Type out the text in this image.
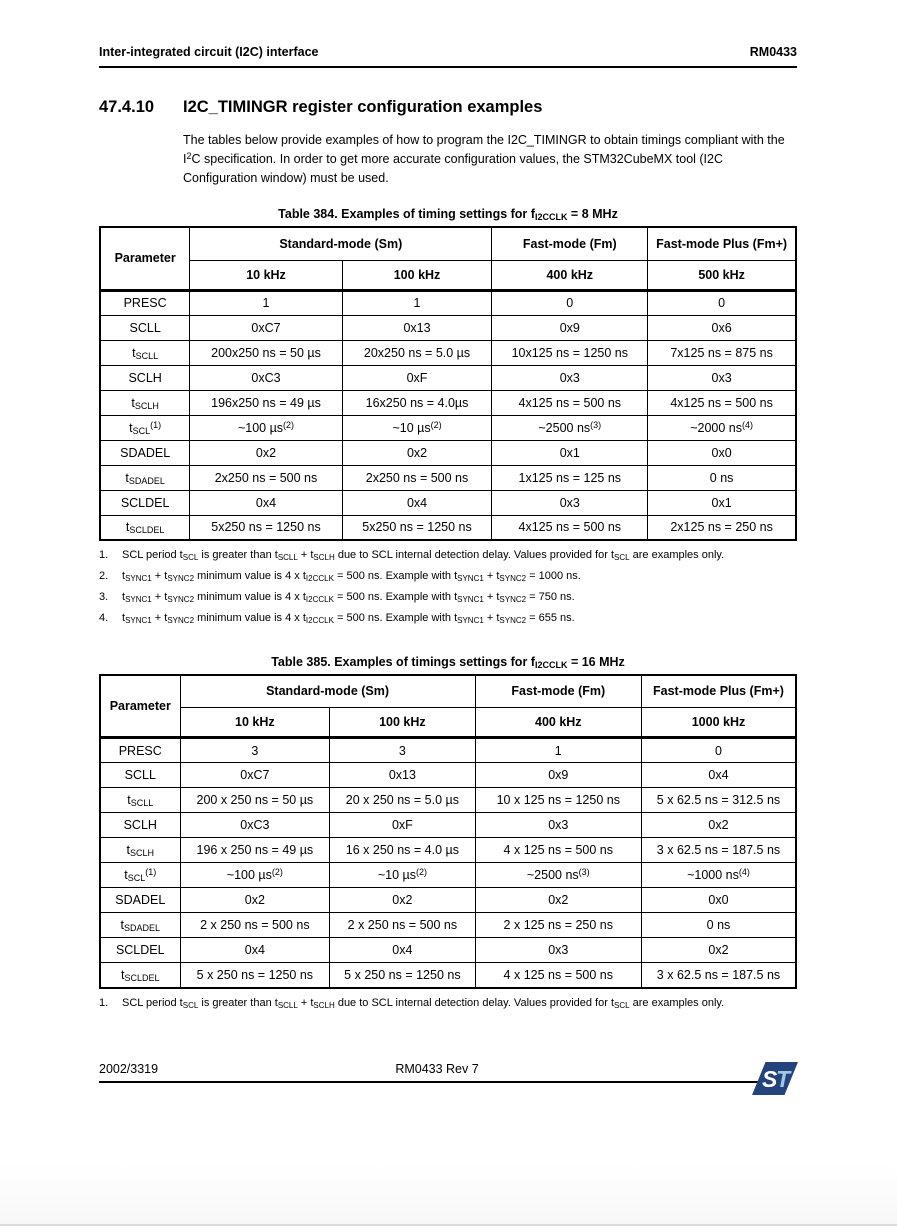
Inter-integrated circuit (I2C) interface	RM0433
47.4.10	I2C_TIMINGR register configuration examples

The tables below provide examples of how to program the I2C_TIMINGR to obtain timings compliant with the $I^2C$ specification. In order to get more accurate configuration values, the STM32CubeMX tool (I2C Configuration window) must be used.

Table 384. Examples of timing settings for $f_{I2CCLK} = 8$ MHz
Parameter	Standard-mode (Sm)		Fast-mode (Fm)	Fast-mode Plus (Fm+)
	10 kHz	100 kHz	400 kHz	500 kHz
PRESC	1	1	0	0
SCLL	0xC7	0x13	0x9	0x6
$t_{SCLL}$	200x250 ns = 50 µs	20x250 ns = 5.0 µs	10x125 ns = 1250 ns	7x125 ns = 875 ns
SCLH	0xC3	0xF	0x3	0x3
$t_{SCLH}$	196x250 ns = 49 µs	16x250 ns = 4.0µs	4x125 ns = 500 ns	4x125 ns = 500 ns
$t_{SCL}^{(1)}$	~100 µs$^{(2)}$	~10 µs$^{(2)}$	~2500 $ns^{(3)}$	~2000 $ns^{(4)}$
SDADEL	0x2	0x2	0x1	0x0
$t_{SDADEL}$	2x250 ns = 500 ns	2x250 ns = 500 ns	1x125 ns = 125 ns	0 ns
SCLDEL	0x4	0x4	0x3	0x1
$t_{SCLDEL}$	5x250 ns = 1250 ns	5x250 ns = 1250 ns	4x125 ns = 500 ns	2x125 ns = 250 ns
1.	SCL period $t_{SCL}$ is greater than $t_{SCLL} + t_{SCLH}$ due to SCL internal detection delay. Values provided for $t_{SCL}$ are examples only.
2.	$t_{SYNC1} + t_{SYNC2}$ minimum value is 4 x $t_{I2CCLK} = 500$ ns. Example with $t_{SYNC1} + t_{SYNC2} = 1000$ ns.
3.	$t_{SYNC1} + t_{SYNC2}$ minimum value is 4 x $t_{I2CCLK} = 500$ ns. Example with $t_{SYNC1} + t_{SYNC2} = 750$ ns.
4.	$t_{SYNC1} + t_{SYNC2}$ minimum value is 4 x $t_{I2CCLK} = 500$ ns. Example with $t_{SYNC1} + t_{SYNC2} = 655$ ns.
Table 385. Examples of timings settings for $f_{I2CCLK} = 16$ MHz
Parameter	Standard-mode (Sm)		Fast-mode (Fm)	Fast-mode Plus (Fm+)
	10 kHz	100 kHz	400 kHz	1000 kHz
PRESC	3	3	1	0
SCLL	0xC7	0x13	0x9	0x4
$t_{SCLL}$	200 x 250 ns = 50 µs	20 x 250 ns = 5.0 µs	10 x 125 ns = 1250 ns	5 x 62.5 ns = 312.5 ns
SCLH	0xC3	0xF	0x3	0x2
$t_{SCLH}$	196 x 250 ns = 49 µs	16 x 250 ns = 4.0 µs	4 x 125 ns = 500 ns	3 x 62.5 ns = 187.5 ns
$t_{SCL}^{(1)}$	~100 µs$^{(2)}$	~10 µs$^{(2)}$	~2500 $ns^{(3)}$	~1000 $ns^{(4)}$
SDADEL	0x2	0x2	0x2	0x0
$t_{SDADEL}$	2 x 250 ns = 500 ns	2 x 250 ns = 500 ns	2 x 125 ns = 250 ns	0 ns
SCLDEL	0x4	0x4	0x3	0x2
$t_{SCLDEL}$	5 x 250 ns = 1250 ns	5 x 250 ns = 1250 ns	4 x 125 ns = 500 ns	3 x 62.5 ns = 187.5 ns
1.	SCL period $t_{SCL}$ is greater than $t_{SCLL} + t_{SCLH}$ due to SCL internal detection delay. Values provided for $t_{SCL}$ are examples only.
2002/3319	RM0433 Rev 7	S
T
